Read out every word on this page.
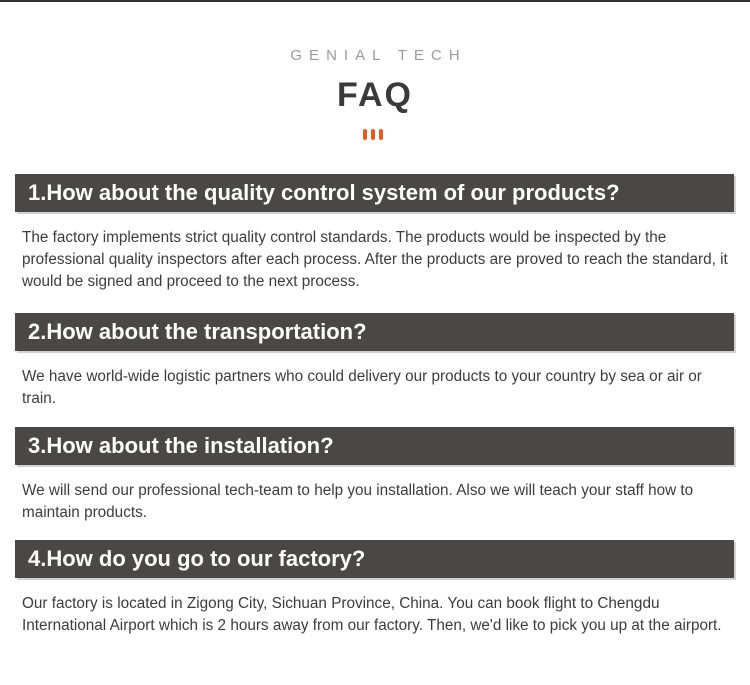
GENIAL TECH
FAQ
1.How about the quality control system of our products?
The factory implements strict quality control standards. The products would be inspected by the professional quality inspectors after each process. After the products are proved to reach the standard, it would be signed and proceed to the next process.
2.How about the transportation?
We have world-wide logistic partners who could delivery our products to your country by sea or air or train.
3.How about the installation?
We will send our professional tech-team to help you installation. Also we will teach your staff how to maintain products.
4.How do you go to our factory?
Our factory is located in Zigong City, Sichuan Province, China. You can book flight to Chengdu International Airport which is 2 hours away from our factory. Then, we'd like to pick you up at the airport.
